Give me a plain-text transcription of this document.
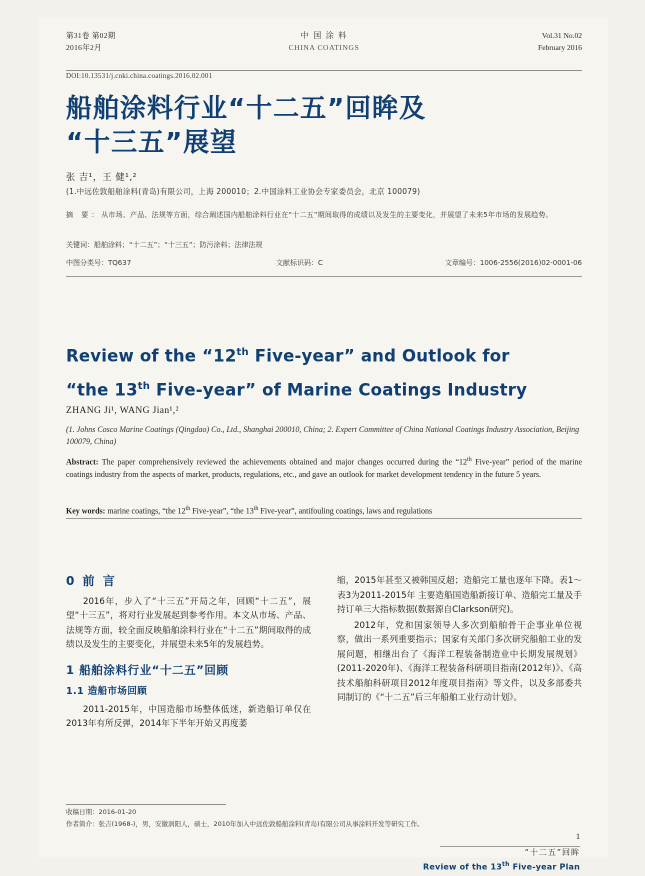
第31卷 第02期
2016年2月
中 国 涂 料
CHINA COATINGS
Vol.31 No.02
February 2016
DOI:10.13531/j.cnki.china.coatings.2016.02.001
船舶涂料行业“十二五”回眸及
“十三五”展望
张 吉¹，王 健¹,²
(1.中远佐敦船舶涂料(青岛)有限公司，上海 200010；2.中国涂料工业协会专家委员会，北京 100079)
摘 要：从市场、产品、法规等方面，综合阐述国内船舶涂料行业在“十二五”期间取得的成绩以及发生的主要变化，并展望了未来5年市场的发展趋势。
关键词：船舶涂料；“十二五”；“十三五”；防污涂料；法律法规
中图分类号：TQ637	文献标识码：C	文章编号：1006-2556(2016)02-0001-06
Review of the “12th Five-year” and Outlook for
“the 13th Five-year” of Marine Coatings Industry
ZHANG Ji¹, WANG Jian¹,²
(1. Johns Cosco Marine Coatings (Qingdao) Co., Ltd., Shanghai 200010, China; 2. Expert Committee of China National Coatings Industry Association, Beijing 100079, China)
Abstract: The paper comprehensively reviewed the achievements obtained and major changes occurred during the “12th Five-year” period of the marine coatings industry from the aspects of market, products, regulations, etc., and gave an outlook for market development tendency in the future 5 years.
Key words: marine coatings, “the 12th Five-year”, “the 13th Five-year”, antifouling coatings, laws and regulations
0 前 言

2016年，步入了“十三五”开局之年，回顾“十二五”，展望“十三五”，将对行业发展起到参考作用。本文从市场、产品、法规等方面，较全面反映船舶涂料行业在“十二五”期间取得的成绩以及发生的主要变化，并展望未来5年的发展趋势。

1 船舶涂料行业“十二五”回顾
1.1 造船市场回顾

2011-2015年，中国造船市场整体低迷，新造船订单仅在2013年有所反弹，2014年下半年开始又再度萎

缩，2015年甚至又被韩国反超；造船完工量也逐年下降。表1～表3为2011-2015年 主要造船国造船新接订单、造船完工量及手持订单三大指标数据(数据源自Clarkson研究)。

2012年，党和国家领导人多次到船舶骨干企事业单位视察，做出一系列重要指示；国家有关部门多次研究船舶工业的发展问题，相继出台了《海洋工程装备制造业中长期发展规划》(2011-2020年)、《海洋工程装备科研项目指南(2012年)》、《高技术船舶科研项目2012年度项目指南》等文件，以及多部委共同制订的《“十二五”后三年船舶工业行动计划》。

收稿日期：2016-01-20
作者简介：张吉(1968-)，男，安徽涡阳人，硕士，2010年加入中远佐敦船舶涂料(青岛)有限公司从事涂料开发等研究工作。
1
“十二五”回眸
Review of the 13th Five-year Plan
